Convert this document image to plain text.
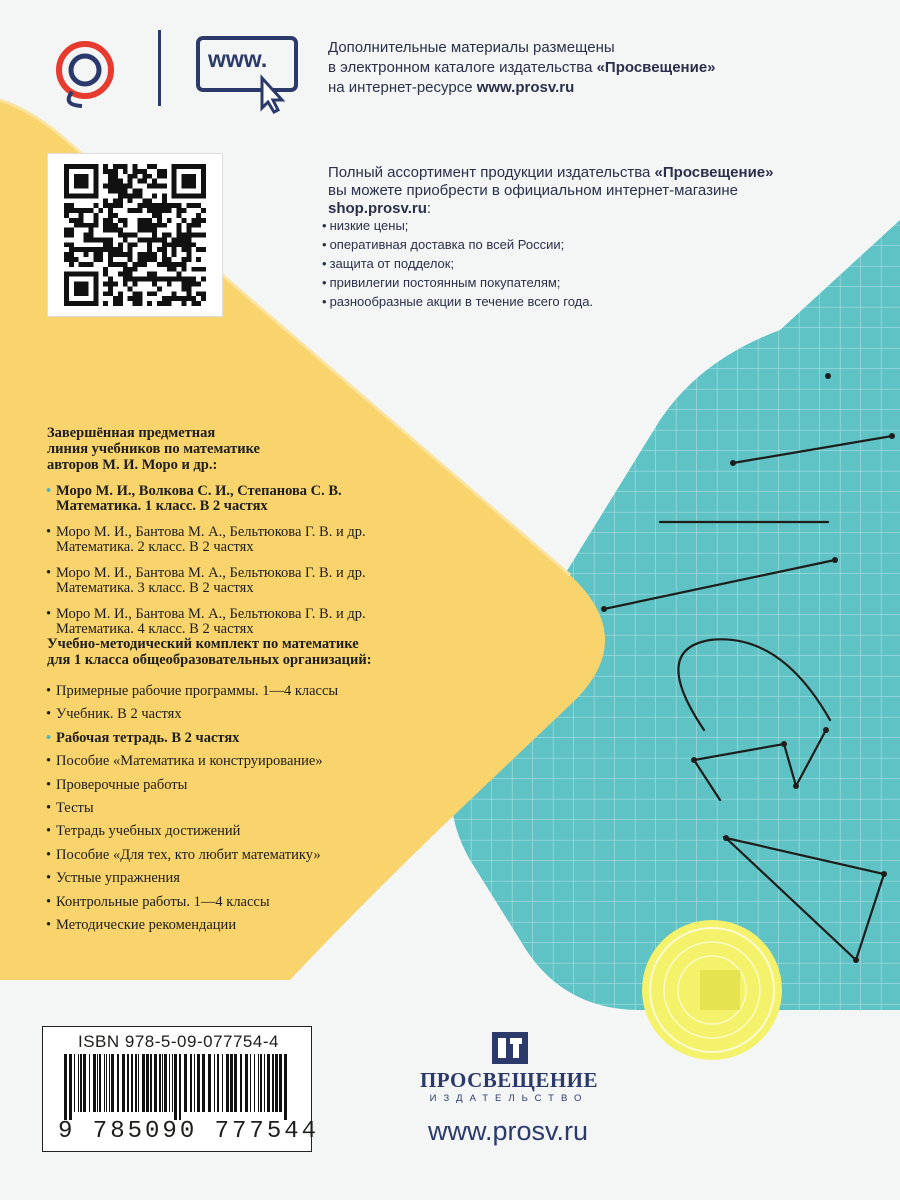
www.	Дополнительные материалы размещены
в электронном каталоге издательства «Просвещение»
на интернет-ресурсе www.prosv.ru
Полный ассортимент продукции издательства «Просвещение»
вы можете приобрести в официальном интернет-магазине
shop.prosv.ru:
• низкие цены;
• оперативная доставка по всей России;
• защита от подделок;
• привилегии постоянным покупателям;
• разнообразные акции в течение всего года.
Завершённая предметная
линия учебников по математике
авторов М. И. Моро и др.:
• Моро М. И., Волкова С. И., Степанова С. В.
Математика. 1 класс. В 2 частях
• Моро М. И., Бантова М. А., Бельтюкова Г. В. и др.
Математика. 2 класс. В 2 частях
• Моро М. И., Бантова М. А., Бельтюкова Г. В. и др.
Математика. 3 класс. В 2 частях
• Моро М. И., Бантова М. А., Бельтюкова Г. В. и др.
Математика. 4 класс. В 2 частях
Учебно-методический комплект по математике
для 1 класса общеобразовательных организаций:
• Примерные рабочие программы. 1—4 классы
• Учебник. В 2 частях
• Рабочая тетрадь. В 2 частях
• Пособие «Математика и конструирование»
• Проверочные работы
• Тесты
• Тетрадь учебных достижений
• Пособие «Для тех, кто любит математику»
• Устные упражнения
• Контрольные работы. 1—4 классы
• Методические рекомендации
ISBN 978-5-09-077754-4
9 785090 777544
ПРОСВЕЩЕНИЕ
ИЗДАТЕЛЬСТВО
www.prosv.ru
